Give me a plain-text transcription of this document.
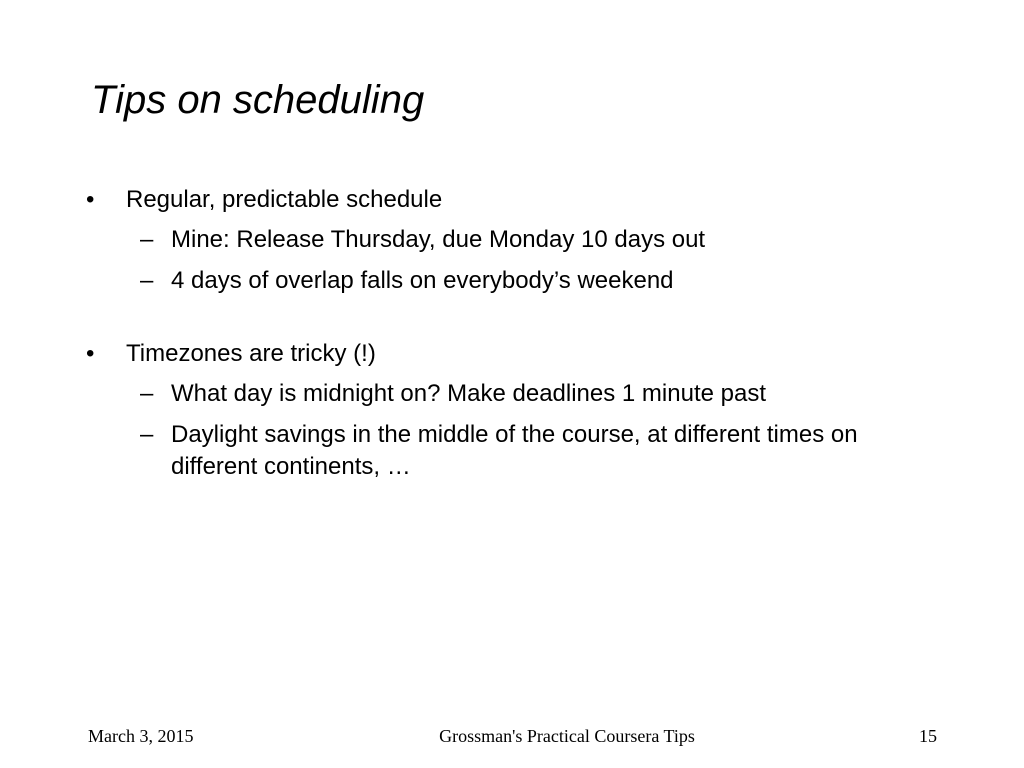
Tips on scheduling

•	Regular, predictable schedule

– Mine: Release Thursday, due Monday 10 days out

– 4 days of overlap falls on everybody’s weekend

•	Timezones are tricky (!)

– What day is midnight on? Make deadlines 1 minute past

– Daylight savings in the middle of the course, at different times on different continents, …

March 3, 2015	Grossman's Practical Coursera Tips	15
